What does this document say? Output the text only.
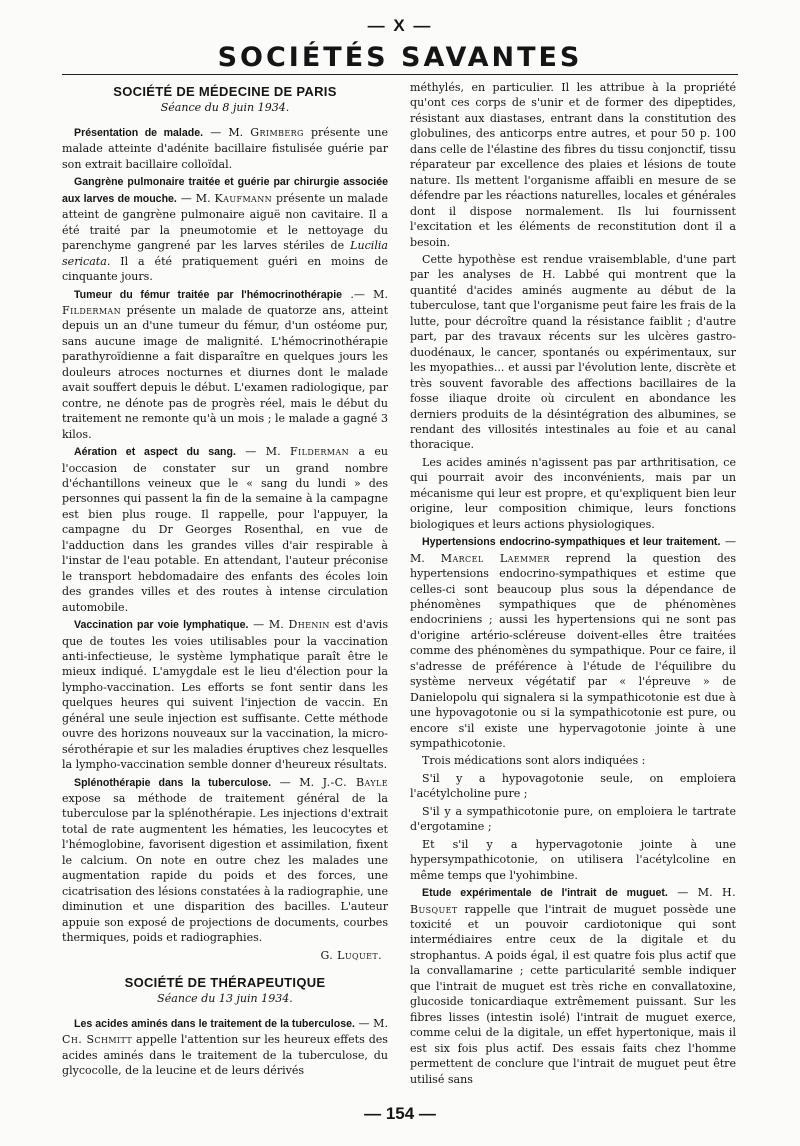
— X —
SOCIÉTÉS SAVANTES
SOCIÉTÉ DE MÉDECINE DE PARIS
Séance du 8 juin 1934.

Présentation de malade. — M. Grimberg présente une malade atteinte d'adénite bacillaire fistulisée guérie par son extrait bacillaire colloïdal.

Gangrène pulmonaire traitée et guérie par chirurgie associée aux larves de mouche. — M. Kaufmann présente un malade atteint de gangrène pulmonaire aiguë non cavitaire. Il a été traité par la pneumotomie et le nettoyage du parenchyme gangrené par les larves stériles de Lucilia sericata. Il a été pratiquement guéri en moins de cinquante jours.

Tumeur du fémur traitée par l'hémocrinothérapie .— M. Filderman présente un malade de quatorze ans, atteint depuis un an d'une tumeur du fémur, d'un ostéome pur, sans aucune image de malignité. L'hémocrinothérapie parathyroïdienne a fait disparaître en quelques jours les douleurs atroces nocturnes et diurnes dont le malade avait souffert depuis le début. L'examen radiologique, par contre, ne dénote pas de progrès réel, mais le début du traitement ne remonte qu'à un mois ; le malade a gagné 3 kilos.

Aération et aspect du sang. — M. Filderman a eu l'occasion de constater sur un grand nombre d'échantillons veineux que le « sang du lundi » des personnes qui passent la fin de la semaine à la campagne est bien plus rouge. Il rappelle, pour l'appuyer, la campagne du Dr Georges Rosenthal, en vue de l'adduction dans les grandes villes d'air respirable à l'instar de l'eau potable. En attendant, l'auteur préconise le transport hebdomadaire des enfants des écoles loin des grandes villes et des routes à intense circulation automobile.

Vaccination par voie lymphatique. — M. Dhenin est d'avis que de toutes les voies utilisables pour la vaccination anti-infectieuse, le système lymphatique paraît être le mieux indiqué. L'amygdale est le lieu d'élection pour la lympho-vaccination. Les efforts se font sentir dans les quelques heures qui suivent l'injection de vaccin. En général une seule injection est suffisante. Cette méthode ouvre des horizons nouveaux sur la vaccination, la micro-sérothérapie et sur les maladies éruptives chez lesquelles la lympho-vaccination semble donner d'heureux résultats.

Splénothérapie dans la tuberculose. — M. J.-C. Bayle expose sa méthode de traitement général de la tuberculose par la splénothérapie. Les injections d'extrait total de rate augmentent les hématies, les leucocytes et l'hémoglobine, favorisent digestion et assimilation, fixent le calcium. On note en outre chez les malades une augmentation rapide du poids et des forces, une cicatrisation des lésions constatées à la radiographie, une diminution et une disparition des bacilles. L'auteur appuie son exposé de projections de documents, courbes thermiques, poids et radiographies.

G. Luquet.
SOCIÉTÉ DE THÉRAPEUTIQUE
Séance du 13 juin 1934.

Les acides aminés dans le traitement de la tuberculose. — M. Ch. Schmitt appelle l'attention sur les heureux effets des acides aminés dans le traitement de la tuberculose, du glycocolle, de la leucine et de leurs dérivés

méthylés, en particulier. Il les attribue à la propriété qu'ont ces corps de s'unir et de former des dipeptides, résistant aux diastases, entrant dans la constitution des globulines, des anticorps entre autres, et pour 50 p. 100 dans celle de l'élastine des fibres du tissu conjonctif, tissu réparateur par excellence des plaies et lésions de toute nature. Ils mettent l'organisme affaibli en mesure de se défendre par les réactions naturelles, locales et générales dont il dispose normalement. Ils lui fournissent l'excitation et les éléments de reconstitution dont il a besoin.

Cette hypothèse est rendue vraisemblable, d'une part par les analyses de H. Labbé qui montrent que la quantité d'acides aminés augmente au début de la tuberculose, tant que l'organisme peut faire les frais de la lutte, pour décroître quand la résistance faiblit ; d'autre part, par des travaux récents sur les ulcères gastro-duodénaux, le cancer, spontanés ou expérimentaux, sur les myopathies... et aussi par l'évolution lente, discrète et très souvent favorable des affections bacillaires de la fosse iliaque droite où circulent en abondance les derniers produits de la désintégration des albumines, se rendant des villosités intestinales au foie et au canal thoracique.

Les acides aminés n'agissent pas par arthritisation, ce qui pourrait avoir des inconvénients, mais par un mécanisme qui leur est propre, et qu'expliquent bien leur origine, leur composition chimique, leurs fonctions biologiques et leurs actions physiologiques.

Hypertensions endocrino-sympathiques et leur traitement. —M. Marcel Laemmer reprend la question des hypertensions endocrino-sympathiques et estime que celles-ci sont beaucoup plus sous la dépendance de phénomènes sympathiques que de phénomènes endocriniens ; aussi les hypertensions qui ne sont pas d'origine artério-scléreuse doivent-elles être traitées comme des phénomènes du sympathique. Pour ce faire, il s'adresse de préférence à l'étude de l'équilibre du système nerveux végétatif par « l'épreuve » de Danielopolu qui signalera si la sympathicotonie est due à une hypovagotonie ou si la sympathicotonie est pure, ou encore s'il existe une hypervagotonie jointe à une sympathicotonie.

Trois médications sont alors indiquées :

S'il y a hypovagotonie seule, on emploiera l'acétylcholine pure ;

S'il y a sympathicotonie pure, on emploiera le tartrate d'ergotamine ;

Et s'il y a hypervagotonie jointe à une hypersympathicotonie, on utilisera l'acétylcoline en même temps que l'yohimbine.

Etude expérimentale de l'intrait de muguet. — M. H. Busquet rappelle que l'intrait de muguet possède une toxicité et un pouvoir cardiotonique qui sont intermédiaires entre ceux de la digitale et du strophantus. A poids égal, il est quatre fois plus actif que la convallamarine ; cette particularité semble indiquer que l'intrait de muguet est très riche en convallatoxine, glucoside tonicardiaque extrêmement puissant. Sur les fibres lisses (intestin isolé) l'intrait de muguet exerce, comme celui de la digitale, un effet hypertonique, mais il est six fois plus actif. Des essais faits chez l'homme permettent de conclure que l'intrait de muguet peut être utilisé sans

— 154 —
